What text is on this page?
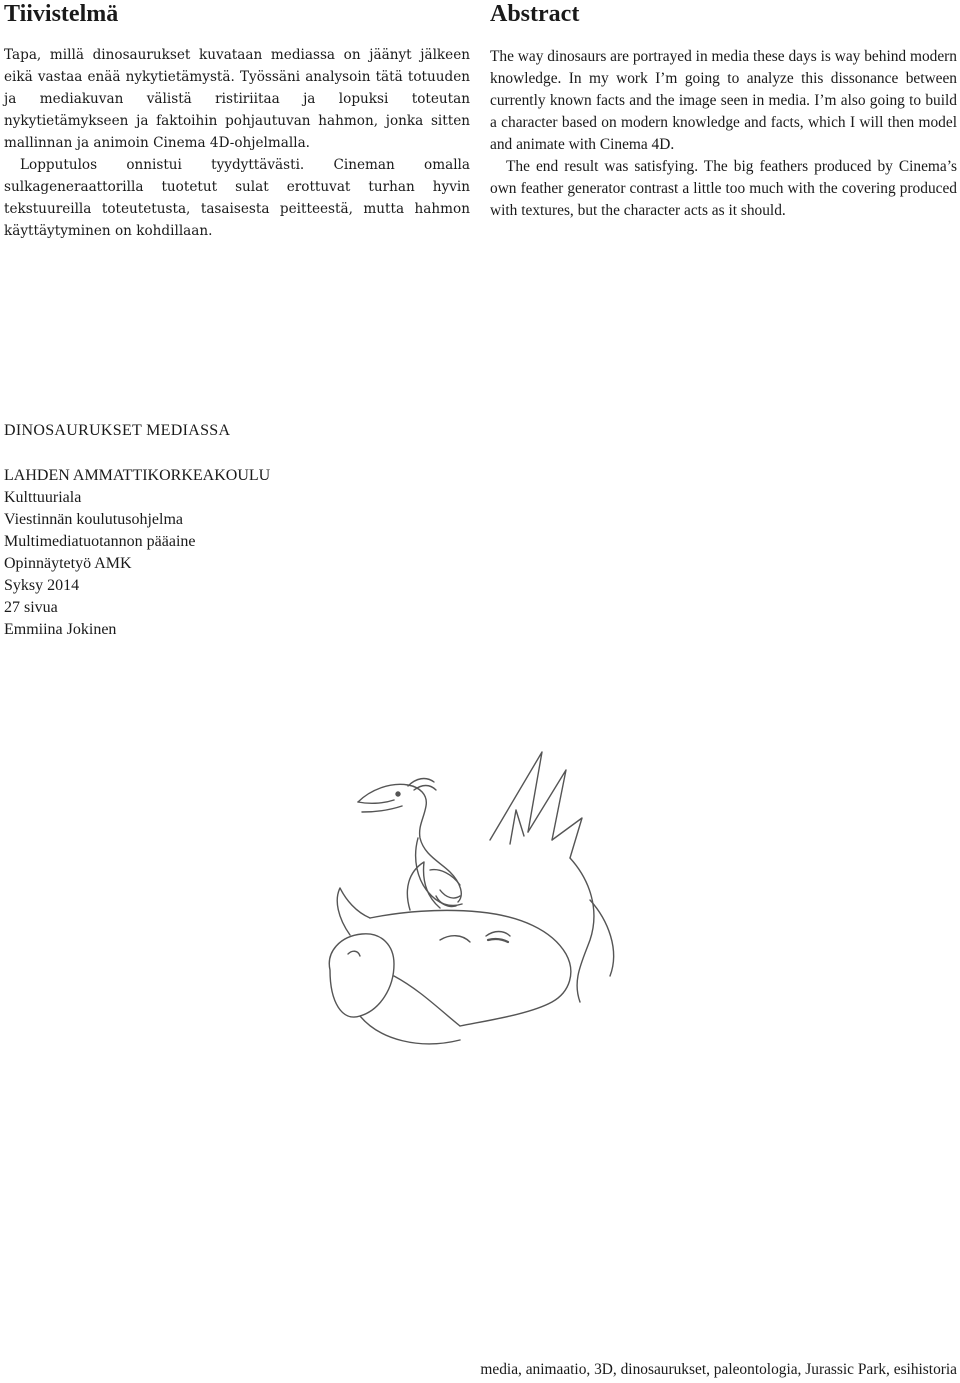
Tiivistelmä

Tapa, millä dinosaurukset kuvataan mediassa on jäänyt jälkeen eikä vastaa enää nykytietämystä. Työssäni analysoin tätä totuuden ja mediakuvan välistä ristiriitaa ja lopuksi toteutan nykytietämykseen ja faktoihin pohjautuvan hahmon, jonka sitten mallinnan ja animoin Cinema 4D-ohjelmalla.

Lopputulos onnistui tyydyttävästi. Cineman omalla sulkageneraattorilla tuotetut sulat erottuvat turhan hyvin tekstuureilla toteutetusta, tasaisesta peitteestä, mutta hahmon käyttäytyminen on kohdillaan.

Abstract

The way dinosaurs are portrayed in media these days is way behind modern knowledge. In my work I’m going to analyze this dissonance between currently known facts and the image seen in media. I’m also going to build a character based on modern knowledge and facts, which I will then model and animate with Cinema 4D.

The end result was satisfying. The big feathers produced by Cinema’s own feather generator contrast a little too much with the covering produced with textures, but the character acts as it should.

DINOSAURUKSET MEDIASSA
LAHDEN AMMATTIKORKEAKOULU
Kulttuuriala
Viestinnän koulutusohjelma
Multimediatuotannon pääaine
Opinnäytetyö AMK
Syksy 2014
27 sivua
Emmiina Jokinen
media, animaatio, 3D, dinosaurukset, paleontologia, Jurassic Park, esihistoria
